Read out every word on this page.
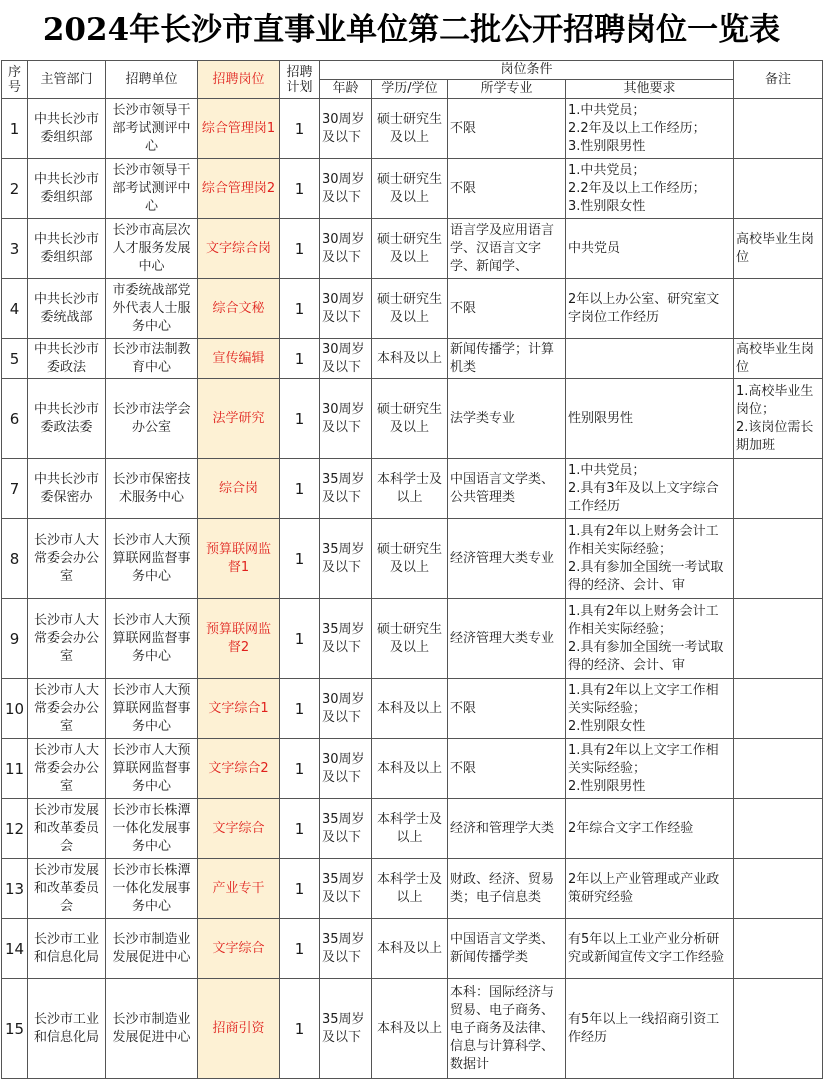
2024年长沙市直事业单位第二批公开招聘岗位一览表
序号	主管部门	招聘单位	招聘岗位	招聘计划	岗位条件				备注
					年龄	学历/学位	所学专业	其他要求	

1	中共长沙市委组织部	长沙市领导干部考试测评中心	综合管理岗1	1	30周岁及以下	硕士研究生及以上	不限	1.中共党员；
2.2年及以上工作经历；
3.性别限男性	

2	中共长沙市委组织部	长沙市领导干部考试测评中心	综合管理岗2	1	30周岁及以下	硕士研究生及以上	不限	1.中共党员；
2.2年及以上工作经历；
3.性别限女性	

3	中共长沙市委组织部	长沙市高层次人才服务发展中心	文字综合岗	1	30周岁及以下	硕士研究生及以上	语言学及应用语言学、汉语言文字学、新闻学、	中共党员	高校毕业生岗位

4	中共长沙市委统战部	市委统战部党外代表人士服务中心	综合文秘	1	30周岁及以下	硕士研究生及以上	不限	2年以上办公室、研究室文字岗位工作经历	

5	中共长沙市委政法	长沙市法制教育中心	宣传编辑	1	30周岁及以下	本科及以上	新闻传播学；计算机类		高校毕业生岗位

6	中共长沙市委政法委	长沙市法学会办公室	法学研究	1	30周岁及以下	硕士研究生及以上	法学类专业	性别限男性	1.高校毕业生岗位；
2.该岗位需长期加班

7	中共长沙市委保密办	长沙市保密技术服务中心	综合岗	1	35周岁及以下	本科学士及以上	中国语言文学类、公共管理类	1.中共党员；
2.具有3年及以上文字综合工作经历	

8	长沙市人大常委会办公室	长沙市人大预算联网监督事务中心	预算联网监督1	1	35周岁及以下	硕士研究生及以上	经济管理大类专业	1.具有2年以上财务会计工作相关实际经验；
2.具有参加全国统一考试取得的经济、会计、审	

9	长沙市人大常委会办公室	长沙市人大预算联网监督事务中心	预算联网监督2	1	35周岁及以下	硕士研究生及以上	经济管理大类专业	1.具有2年以上财务会计工作相关实际经验；
2.具有参加全国统一考试取得的经济、会计、审	

10	长沙市人大常委会办公室	长沙市人大预算联网监督事务中心	文字综合1	1	30周岁及以下	本科及以上	不限	1.具有2年以上文字工作相关实际经验；
2.性别限女性	

11	长沙市人大常委会办公室	长沙市人大预算联网监督事务中心	文字综合2	1	30周岁及以下	本科及以上	不限	1.具有2年以上文字工作相关实际经验；
2.性别限男性	

12	长沙市发展和改革委员会	长沙市长株潭一体化发展事务中心	文字综合	1	35周岁及以下	本科学士及以上	经济和管理学大类	2年综合文字工作经验	

13	长沙市发展和改革委员会	长沙市长株潭一体化发展事务中心	产业专干	1	35周岁及以下	本科学士及以上	财政、经济、贸易类；电子信息类	2年以上产业管理或产业政策研究经验	

14	长沙市工业和信息化局	长沙市制造业发展促进中心	文字综合	1	35周岁及以下	本科及以上	中国语言文学类、新闻传播学类	有5年以上工业产业分析研究或新闻宣传文字工作经验	

15	长沙市工业和信息化局	长沙市制造业发展促进中心	招商引资	1	35周岁及以下	本科及以上	本科：国际经济与贸易、电子商务、电子商务及法律、信息与计算科学、数据计	有5年以上一线招商引资工作经历	
